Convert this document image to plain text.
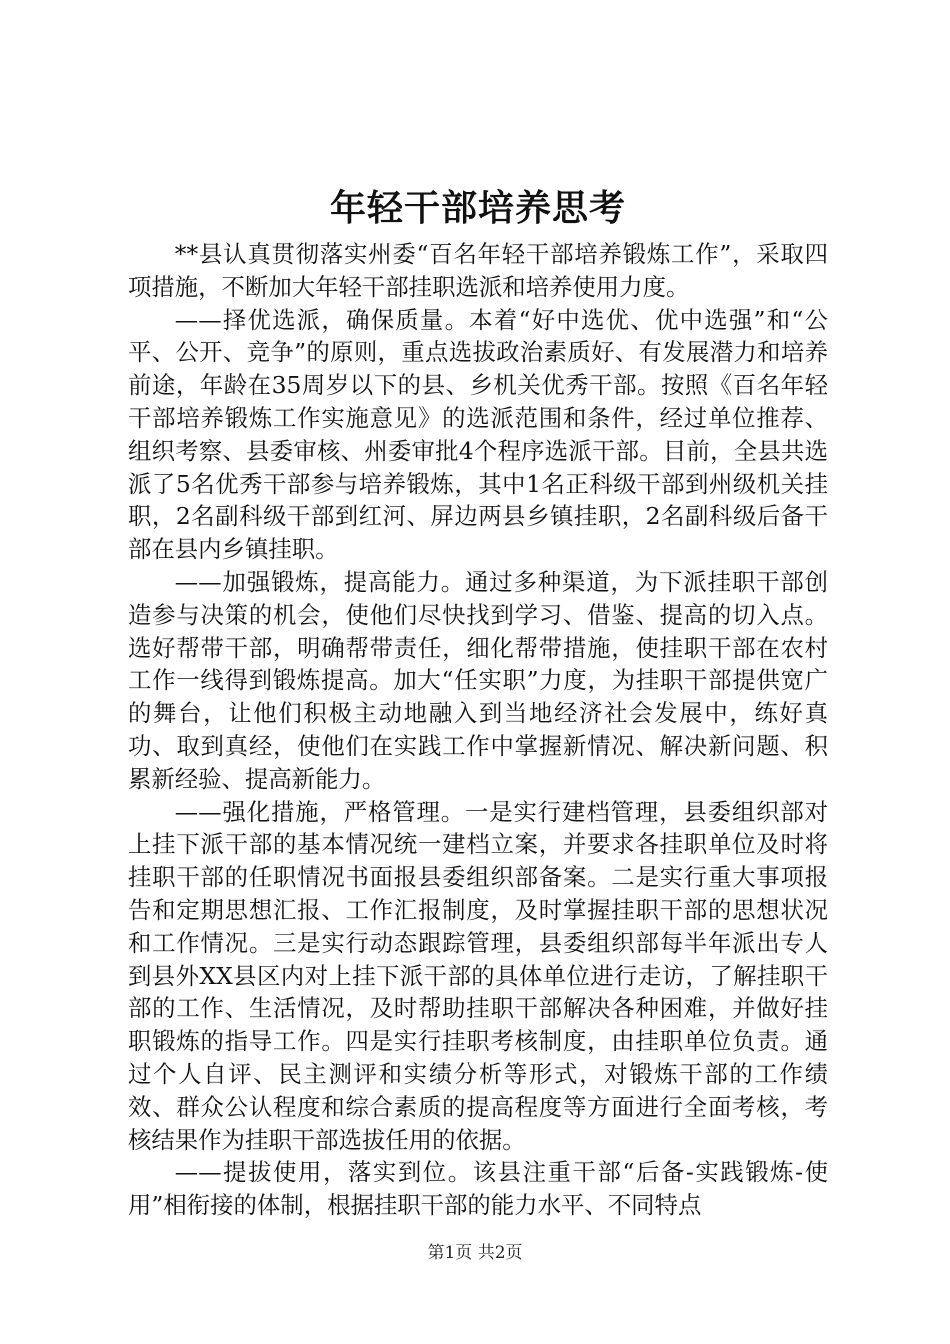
年轻干部培养思考

**县认真贯彻落实州委“百名年轻干部培养锻炼工作”，采取四项措施，不断加大年轻干部挂职选派和培养使用力度。

——择优选派，确保质量。本着“好中选优、优中选强”和“公平、公开、竞争”的原则，重点选拔政治素质好、有发展潜力和培养前途，年龄在35周岁以下的县、乡机关优秀干部。按照《百名年轻干部培养锻炼工作实施意见》的选派范围和条件，经过单位推荐、组织考察、县委审核、州委审批4个程序选派干部。目前，全县共选派了5名优秀干部参与培养锻炼，其中1名正科级干部到州级机关挂职，2名副科级干部到红河、屏边两县乡镇挂职，2名副科级后备干部在县内乡镇挂职。

——加强锻炼，提高能力。通过多种渠道，为下派挂职干部创造参与决策的机会，使他们尽快找到学习、借鉴、提高的切入点。选好帮带干部，明确帮带责任，细化帮带措施，使挂职干部在农村工作一线得到锻炼提高。加大“任实职”力度，为挂职干部提供宽广的舞台，让他们积极主动地融入到当地经济社会发展中，练好真功、取到真经，使他们在实践工作中掌握新情况、解决新问题、积累新经验、提高新能力。

——强化措施，严格管理。一是实行建档管理，县委组织部对上挂下派干部的基本情况统一建档立案，并要求各挂职单位及时将挂职干部的任职情况书面报县委组织部备案。二是实行重大事项报告和定期思想汇报、工作汇报制度，及时掌握挂职干部的思想状况和工作情况。三是实行动态跟踪管理，县委组织部每半年派出专人到县外XX县区内对上挂下派干部的具体单位进行走访，了解挂职干部的工作、生活情况，及时帮助挂职干部解决各种困难，并做好挂职锻炼的指导工作。四是实行挂职考核制度，由挂职单位负责。通过个人自评、民主测评和实绩分析等形式，对锻炼干部的工作绩效、群众公认程度和综合素质的提高程度等方面进行全面考核，考核结果作为挂职干部选拔任用的依据。

——提拔使用，落实到位。该县注重干部“后备-实践锻炼-使用”相衔接的体制，根据挂职干部的能力水平、不同特点

第1页 共2页
